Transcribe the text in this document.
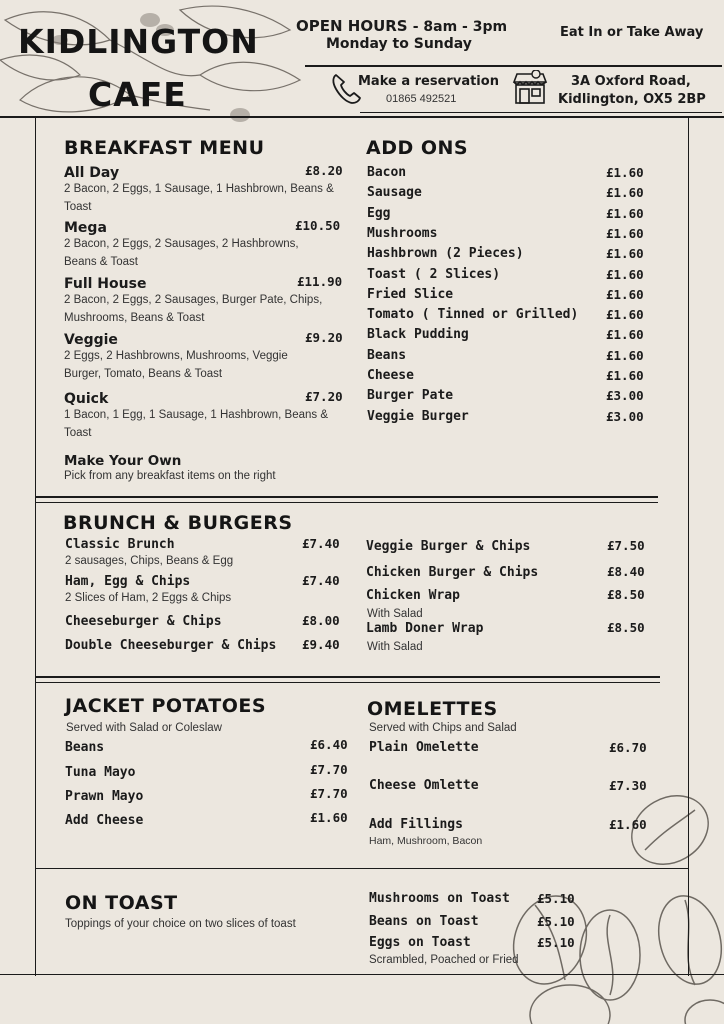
KIDLINGTON
CAFE
OPEN HOURS - 8am - 3pm
Monday to Sunday
Eat In or Take Away
Make a reservation
01865 492521
3A Oxford Road,
Kidlington, OX5 2BP
BREAKFAST MENU
All Day	£8.20
2 Bacon, 2 Eggs, 1 Sausage, 1 Hashbrown, Beans &
Toast
Mega	£10.50
2 Bacon, 2 Eggs, 2 Sausages, 2 Hashbrowns,
Beans & Toast
Full House	£11.90
2 Bacon, 2 Eggs, 2 Sausages, Burger Pate, Chips,
Mushrooms, Beans & Toast
Veggie	£9.20
2 Eggs, 2 Hashbrowns, Mushrooms, Veggie
Burger, Tomato, Beans & Toast
Quick	£7.20
1 Bacon, 1 Egg, 1 Sausage, 1 Hashbrown, Beans &
Toast
Make Your Own
Pick from any breakfast items on the right
ADD ONS
Bacon	£1.60
Sausage	£1.60
Egg	£1.60
Mushrooms	£1.60
Hashbrown (2 Pieces)	£1.60
Toast ( 2 Slices)	£1.60
Fried Slice	£1.60
Tomato ( Tinned or Grilled) £1.60
Black Pudding	£1.60
Beans	£1.60
Cheese	£1.60
Burger Pate	£3.00
Veggie Burger	£3.00
BRUNCH & BURGERS
Classic Brunch	£7.40
2 sausages, Chips, Beans & Egg
Ham, Egg & Chips	£7.40
2 Slices of Ham, 2 Eggs & Chips
Cheeseburger & Chips	£8.00
Double Cheeseburger & Chips £9.40
Veggie Burger & Chips	£7.50
Chicken Burger & Chips	£8.40
Chicken Wrap	£8.50
With Salad
Lamb Doner Wrap	£8.50
With Salad
JACKET POTATOES
Served with Salad or Coleslaw
Beans	£6.40
Tuna Mayo	£7.70
Prawn Mayo	£7.70
Add Cheese	£1.60
OMELETTES
Served with Chips and Salad
Plain Omelette	£6.70
Cheese Omlette	£7.30
Add Fillings	£1.60
Ham, Mushroom, Bacon
ON TOAST
Toppings of your choice on two slices of toast
Mushrooms on Toast £5.10
Beans on Toast	£5.10
Eggs on Toast	£5.10
Scrambled, Poached or Fried
